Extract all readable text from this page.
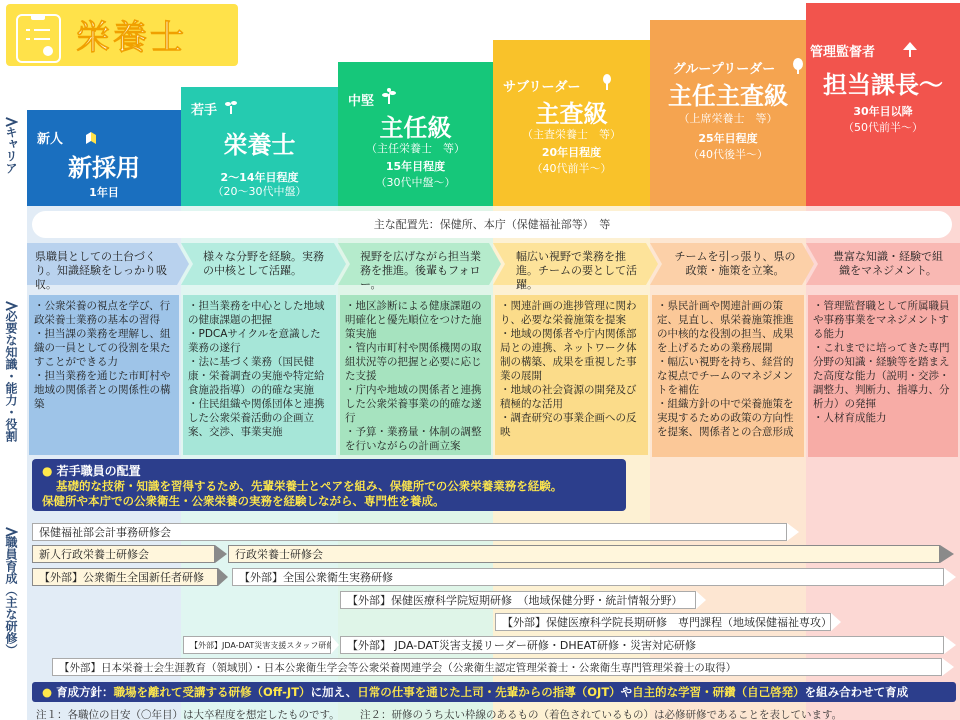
栄養士
新人
新採用
1年目
若手
栄養士
2～14年目程度
（20～30代中盤）
中堅
主任級
（主任栄養士　等）
15年目程度
（30代中盤～）
サブリーダー
主査級
（主査栄養士　等）
20年目程度
（40代前半～）
グループリーダー
主任主査級
（上席栄養士　等）
25年目程度
（40代後半～）
管理監督者
担当課長～
30年目以降
（50代前半～）
キャリア
必要な知識・能力・役割
職員育成（主な研修）
主な配置先：保健所、本庁（保健福祉部等）　等
県職員としての土台づくり。知識経験をしっかり吸収。
様々な分野を経験。実務の中核として活躍。
視野を広げながら担当業務を推進。後輩もフォロー。
幅広い視野で業務を推進。チームの要として活躍。
チームを引っ張り、県の政策・施策を立案。
豊富な知識・経験で組織をマネジメント。
・公衆栄養の視点を学び、行政栄養士業務の基本の習得
・担当課の業務を理解し、組織の一員としての役割を果たすことができる力
・担当業務を通じた市町村や地域の関係者との関係性の構築
・担当業務を中心とした地域の健康課題の把握
・PDCAサイクルを意識した業務の遂行
・法に基づく業務（国民健康・栄養調査の実施や特定給食施設指導）の的確な実施
・住民組織や関係団体と連携した公衆栄養活動の企画立案、交渉、事業実施
・地区診断による健康課題の明確化と優先順位をつけた施策実施
・管内市町村や関係機関の取組状況等の把握と必要に応じた支援
・庁内や地域の関係者と連携した公衆栄養事業の的確な遂行
・予算・業務量・体制の調整を行いながらの計画立案
・関連計画の進捗管理に関わり、必要な栄養施策を提案
・地域の関係者や庁内関係部局との連携、ネットワーク体制の構築、成果を重視した事業の展開
・地域の社会資源の開発及び積極的な活用
・調査研究の事業企画への反映
・県民計画や関連計画の策定、見直し、県栄養施策推進の中核的な役割の担当、成果を上げるための業務展開
・幅広い視野を持ち、経営的な視点でチームのマネジメントを補佐
・組織方針の中で栄養施策を実現するための政策の方向性を提案、関係者との合意形成
・管理監督職として所属職員や事務事業をマネジメントする能力
・これまでに培ってきた専門分野の知識・経験等を踏まえた高度な能力（説明・交渉・調整力、判断力、指導力、分析力）の発揮
・人材育成能力
● 若手職員の配置
基礎的な技術・知識を習得するため、先輩栄養士とペアを組み、保健所での公衆栄養業務を経験。
保健所や本庁での公衆衛生・公衆栄養の実務を経験しながら、専門性を養成。
保健福祉部会計事務研修会
新人行政栄養士研修会	行政栄養士研修会
【外部】公衆衛生全国新任者研修	【外部】全国公衆衛生実務研修
【外部】保健医療科学院短期研修　（地域保健分野・統計情報分野）
【外部】保健医療科学院長期研修　専門課程（地域保健福祉専攻）
【外部】JDA-DAT災害支援スタッフ研修	【外部】 JDA-DAT災害支援リーダー研修・DHEAT研修・災害対応研修
【外部】日本栄養士会生涯教育（領域別）・日本公衆衛生学会等公衆栄養関連学会（公衆衛生認定管理栄養士・公衆衛生専門管理栄養士の取得）
● 育成方針：職場を離れて受講する研修（Off-JT）に加え、日常の仕事を通じた上司・先輩からの指導（OJT）や自主的な学習・研鑽（自己啓発）を組み合わせて育成
注１：各職位の目安（〇年目）は大卒程度を想定したものです。 注２：研修のうち太い枠線のあるもの（着色されているもの）は必修研修であることを表しています。
